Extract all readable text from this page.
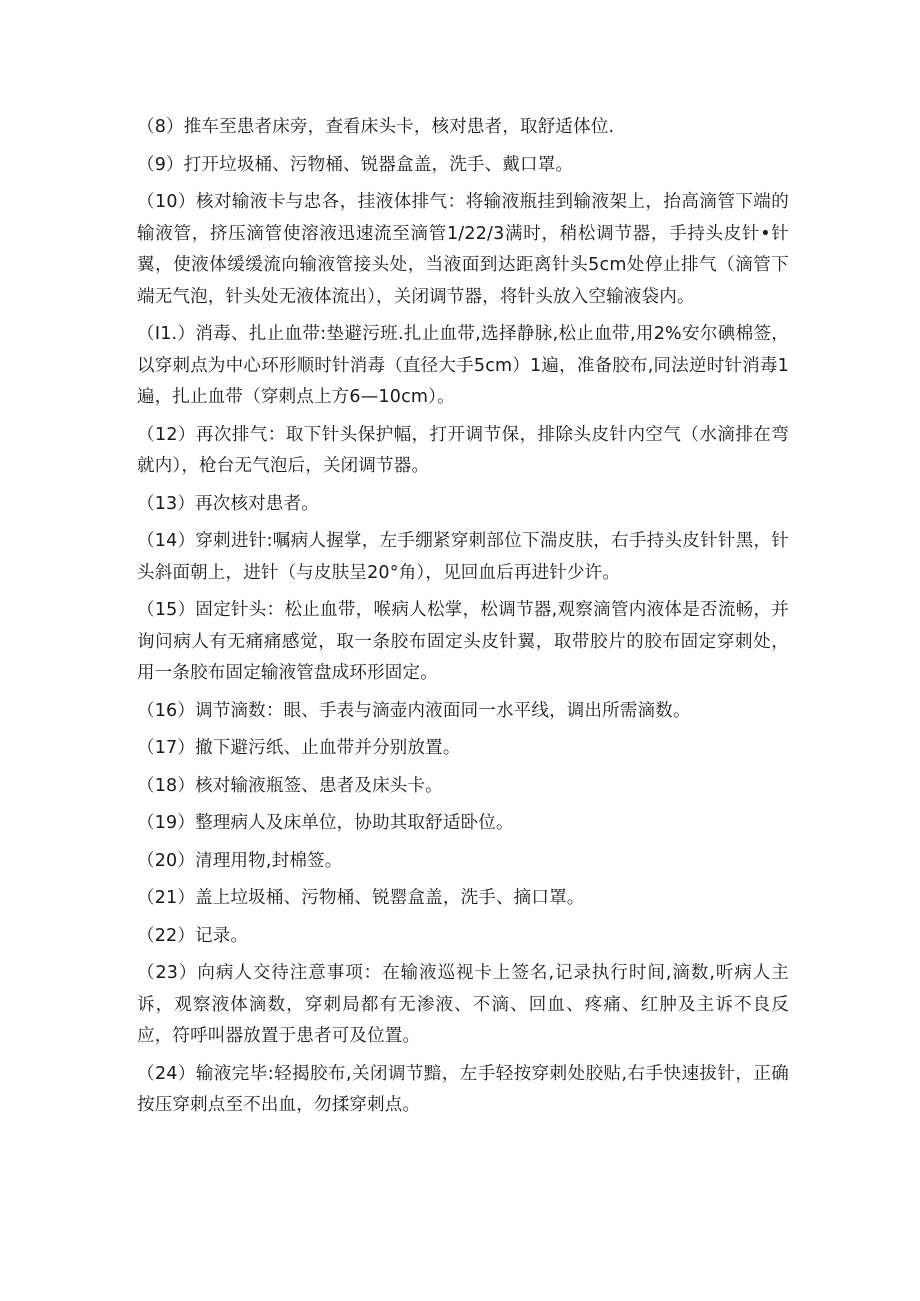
（8）推车至患者床旁，查看床头卡，核对患者，取舒适体位.

（9）打开垃圾桶、污物桶、锐器盒盖，洗手、戴口罩。

（10）核对输液卡与忠各，挂液体排气：将输液瓶挂到输液架上，抬高滴管下端的输液管，挤压滴管使溶液迅速流至滴管1/22/3满时，稍松调节器，手持头皮针•针翼，使液体缓缓流向输液管接头处，当液面到达距离针头5cm处停止排气（滴管下端无气泡，针头处无液体流出），关闭调节器，将针头放入空输液袋内。

（I1.）消毒、扎止血带:垫避污班.扎止血带,选择静脉,松止血带,用2%安尔碘棉签，以穿刺点为中心环形顺时针消毒（直径大手5cm）1遍，准备胶布,同法逆时针消毒1遍，扎止血带（穿刺点上方6—10cm）。

（12）再次排气：取下针头保护幅，打开调节保，排除头皮针内空气（水滴排在弯就内），枪台无气泡后，关闭调节器。

（13）再次核对患者。

（14）穿刺进针:嘱病人握掌，左手绷紧穿刺部位下湍皮肤，右手持头皮针针黑，针头斜面朝上，进针（与皮肤呈20°角），见回血后再进针少许。

（15）固定针头：松止血带，喉病人松掌，松调节器,观察滴管内液体是否流畅，并询问病人有无痛痛感觉，取一条胶布固定头皮针翼，取带胶片的胶布固定穿刺处，用一条胶布固定输液管盘成环形固定。

（16）调节滴数：眼、手表与滴壶内液面同一水平线，调出所需滴数。

（17）撤下避污纸、止血带并分别放置。

（18）核对输液瓶签、患者及床头卡。

（19）整理病人及床单位，协助其取舒适卧位。

（20）清理用物,封棉签。

（21）盖上垃圾桶、污物桶、锐罂盒盖，洗手、摘口罩。

（22）记录。

（23）向病人交待注意事项：在输液巡视卡上签名,记录执行时间,滴数,听病人主诉，观察液体滴数，穿刺局都有无渗液、不滴、回血、疼痛、红肿及主诉不良反应，符呼叫器放置于患者可及位置。

（24）输液完毕:轻揭胶布,关闭调节黯，左手轻按穿刺处胶贴,右手快速拔针，正确按压穿刺点至不出血，勿揉穿刺点。
